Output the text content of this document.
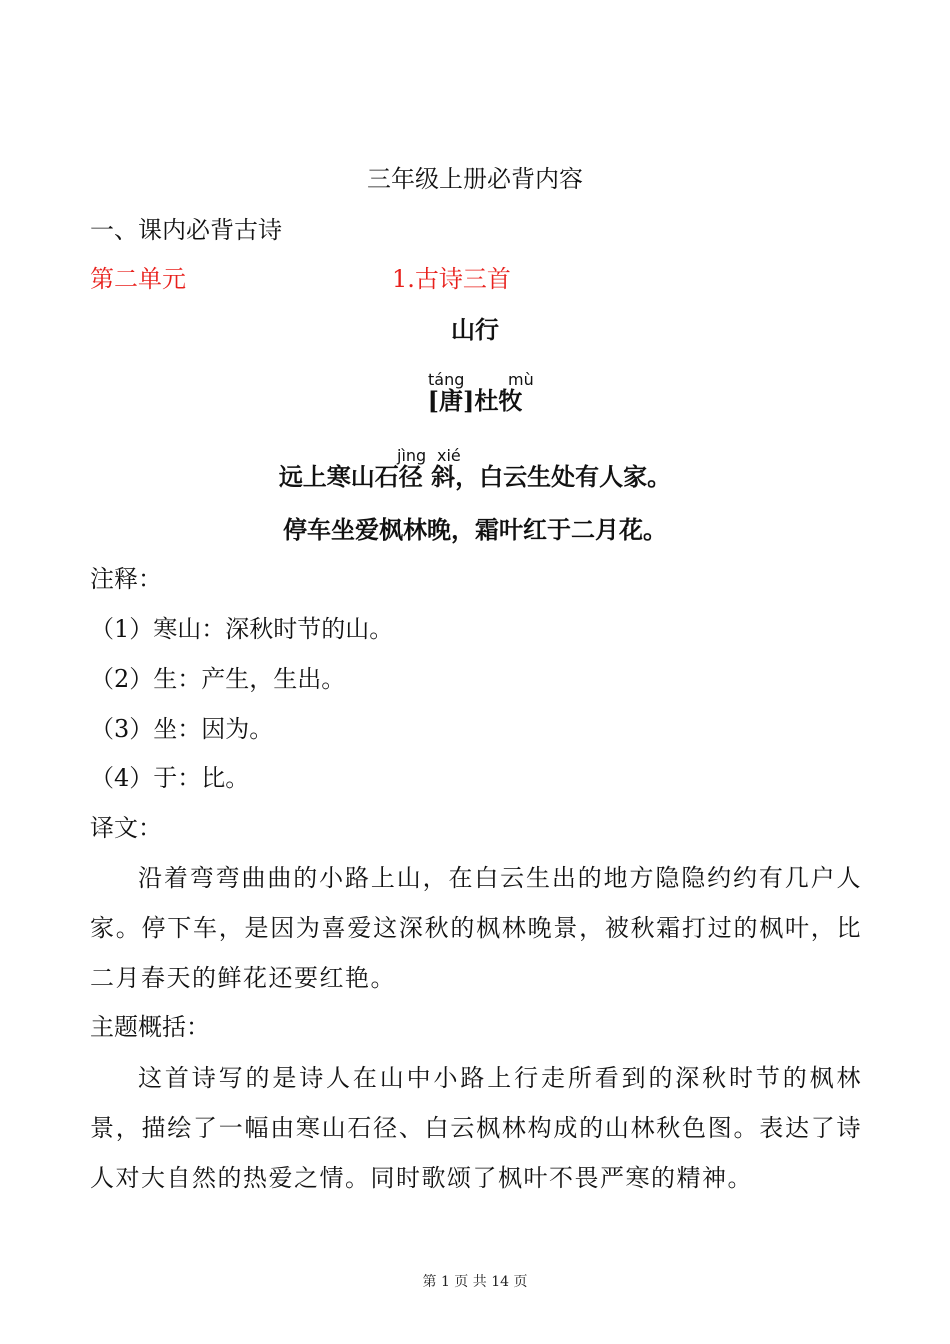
三年级上册必背内容
一、课内必背古诗
第二单元	1.古诗三首
山行
táng	mù
[唐]杜牧
jìng xié
远上寒山石径 斜，白云生处有人家。
停车坐爱枫林晚，霜叶红于二月花。
注释：
（1）寒山：深秋时节的山。
（2）生：产生，生出。
（3）坐：因为。
（4）于：比。
译文：
沿着弯弯曲曲的小路上山，在白云生出的地方隐隐约约有几户人家。停下车，是因为喜爱这深秋的枫林晚景，被秋霜打过的枫叶，比二月春天的鲜花还要红艳。
主题概括：
这首诗写的是诗人在山中小路上行走所看到的深秋时节的枫林景，描绘了一幅由寒山石径、白云枫林构成的山林秋色图。表达了诗人对大自然的热爱之情。同时歌颂了枫叶不畏严寒的精神。
第 1 页 共 14 页
